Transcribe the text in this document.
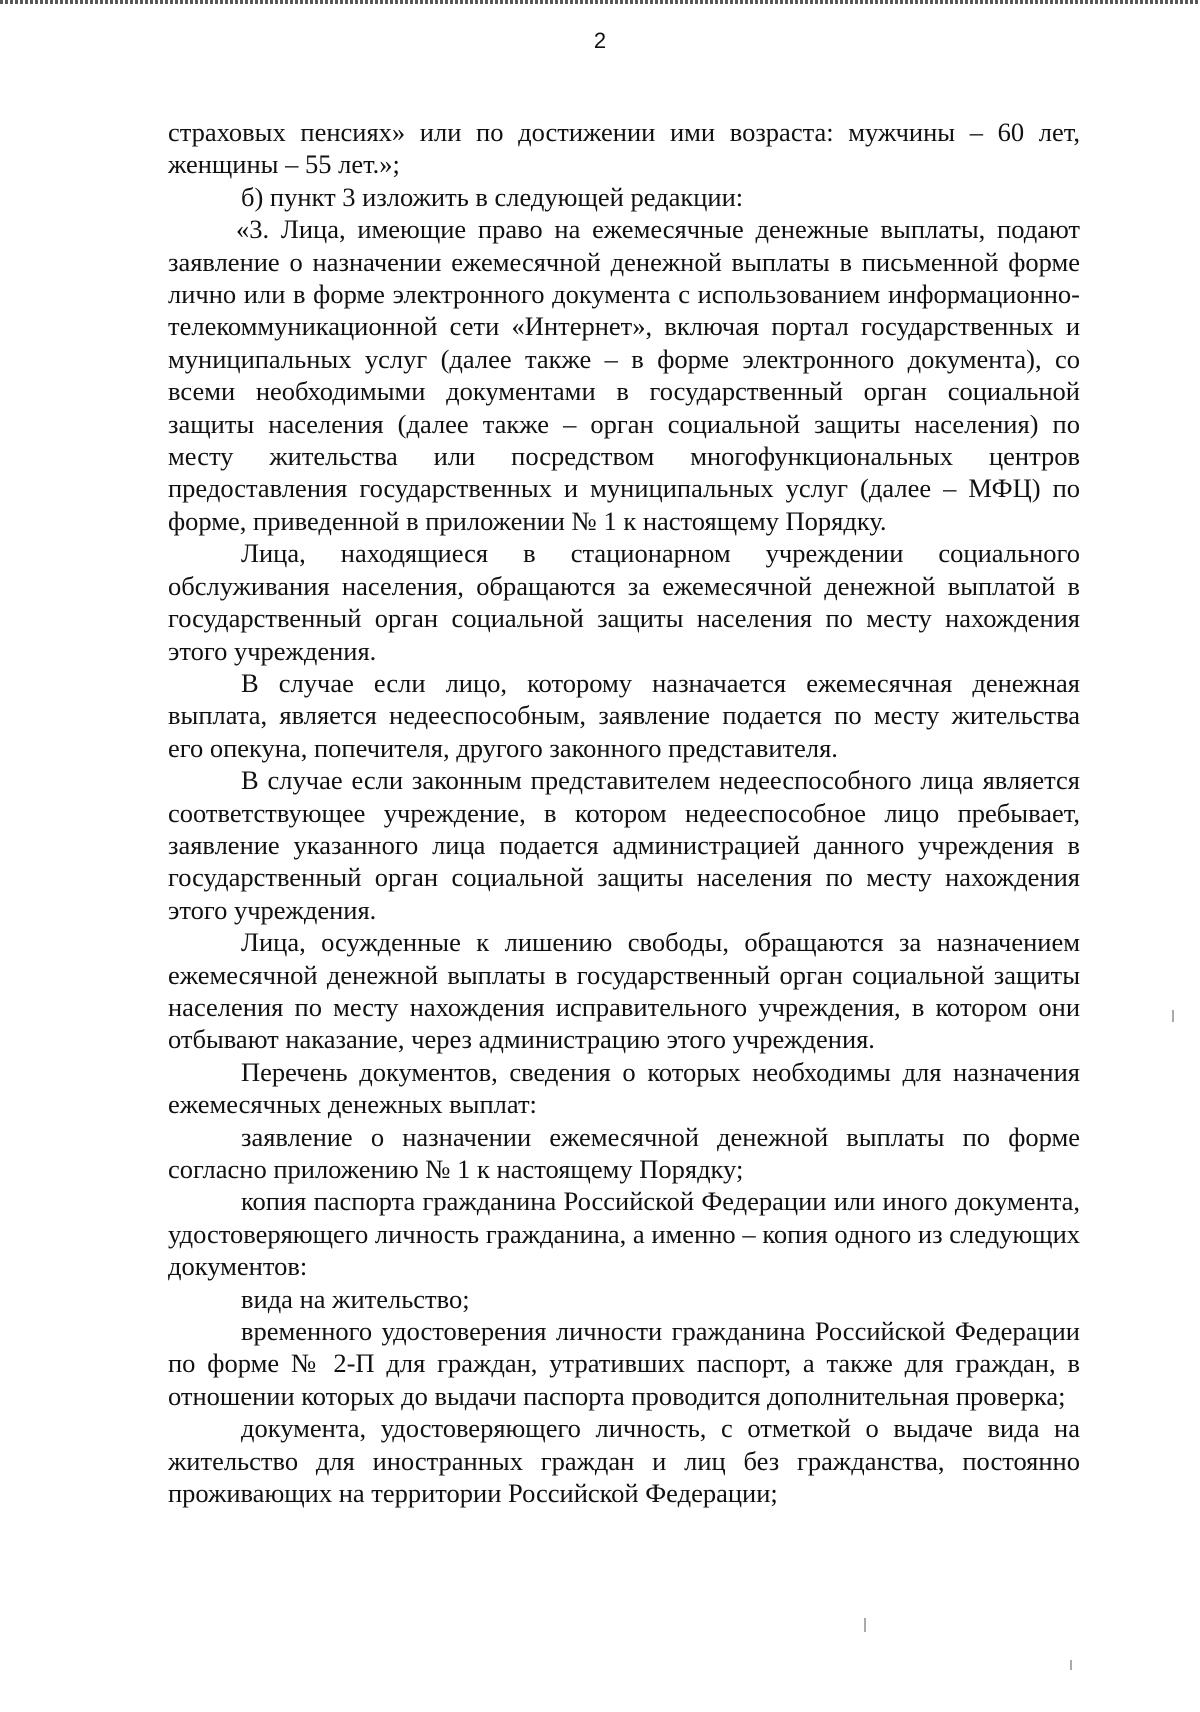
2

страховых пенсиях» или по достижении ими возраста: мужчины – 60 лет, женщины – 55 лет.»;

б) пункт 3 изложить в следующей редакции:

«3. Лица, имеющие право на ежемесячные денежные выплаты, подают заявление о назначении ежемесячной денежной выплаты в письменной форме лично или в форме электронного документа с использованием информационно-телекоммуникационной сети «Интернет», включая портал государственных и муниципальных услуг (далее также – в форме электронного документа), со всеми необходимыми документами в государственный орган социальной защиты населения (далее также – орган социальной защиты населения) по месту жительства или посредством многофункциональных центров предоставления государственных и муниципальных услуг (далее – МФЦ) по форме, приведенной в приложении № 1 к настоящему Порядку.

Лица, находящиеся в стационарном учреждении социального обслуживания населения, обращаются за ежемесячной денежной выплатой в государственный орган социальной защиты населения по месту нахождения этого учреждения.

В случае если лицо, которому назначается ежемесячная денежная выплата, является недееспособным, заявление подается по месту жительства его опекуна, попечителя, другого законного представителя.

В случае если законным представителем недееспособного лица является соответствующее учреждение, в котором недееспособное лицо пребывает, заявление указанного лица подается администрацией данного учреждения в государственный орган социальной защиты населения по месту нахождения этого учреждения.

Лица, осужденные к лишению свободы, обращаются за назначением ежемесячной денежной выплаты в государственный орган социальной защиты населения по месту нахождения исправительного учреждения, в котором они отбывают наказание, через администрацию этого учреждения.

Перечень документов, сведения о которых необходимы для назначения ежемесячных денежных выплат:

заявление о назначении ежемесячной денежной выплаты по форме согласно приложению № 1 к настоящему Порядку;

копия паспорта гражданина Российской Федерации или иного документа, удостоверяющего личность гражданина, а именно – копия одного из следующих документов:

вида на жительство;

временного удостоверения личности гражданина Российской Федерации по форме № 2-П для граждан, утративших паспорт, а также для граждан, в отношении которых до выдачи паспорта проводится дополнительная проверка;

документа, удостоверяющего личность, с отметкой о выдаче вида на жительство для иностранных граждан и лиц без гражданства, постоянно проживающих на территории Российской Федерации;
